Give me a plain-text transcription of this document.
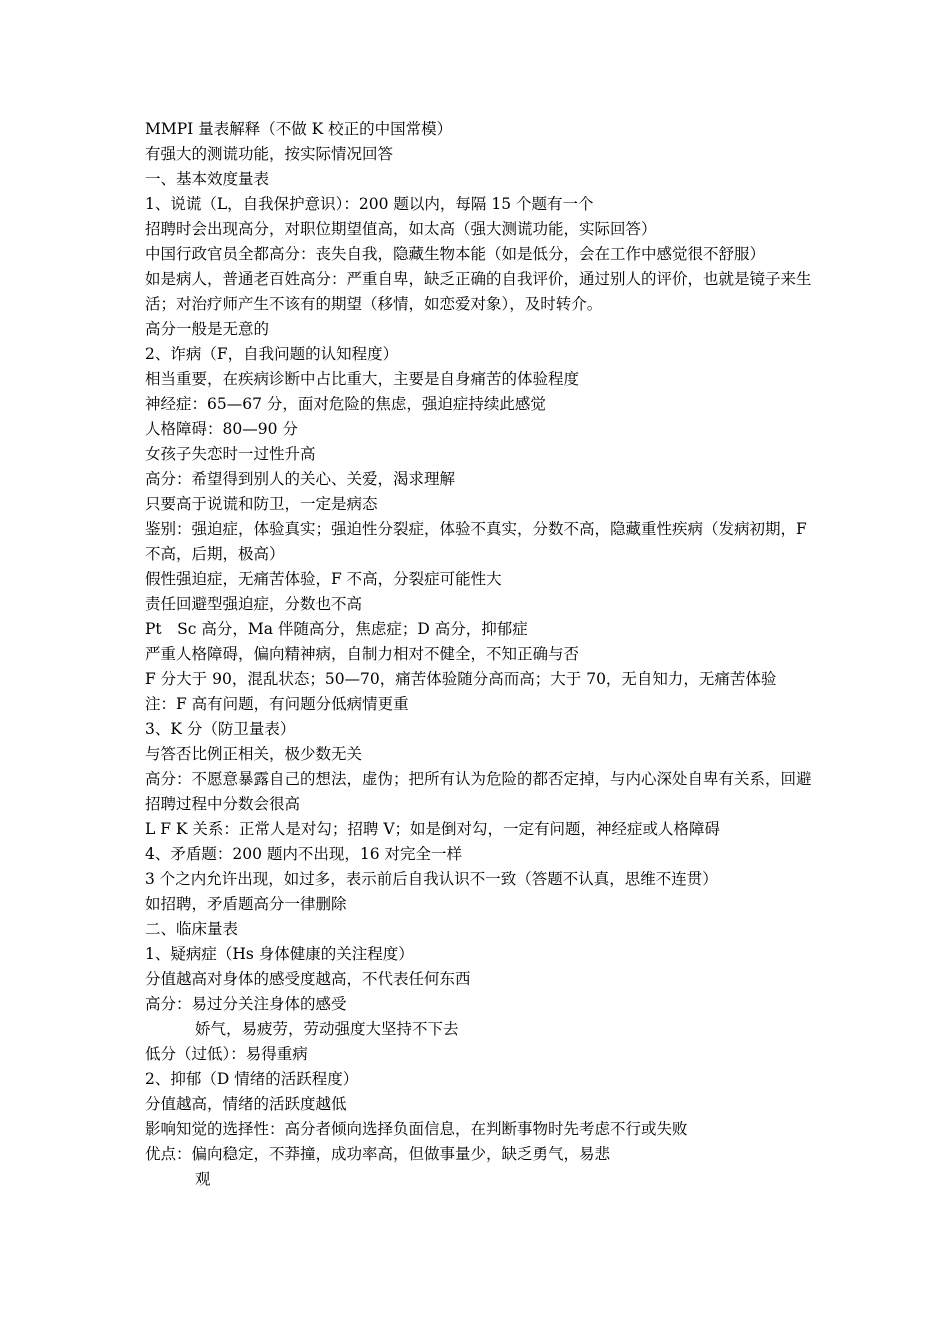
MMPI 量表解释（不做 K 校正的中国常模）

有强大的测谎功能，按实际情况回答

一、基本效度量表

1、说谎（L，自我保护意识）：200 题以内，每隔 15 个题有一个

招聘时会出现高分，对职位期望值高，如太高（强大测谎功能，实际回答）

中国行政官员全都高分：丧失自我，隐藏生物本能（如是低分，会在工作中感觉很不舒服）

如是病人，普通老百姓高分：严重自卑，缺乏正确的自我评价，通过别人的评价，也就是镜子来生活；对治疗师产生不该有的期望（移情，如恋爱对象），及时转介。

高分一般是无意的

2、诈病（F，自我问题的认知程度）

相当重要，在疾病诊断中占比重大，主要是自身痛苦的体验程度

神经症：65—67 分，面对危险的焦虑，强迫症持续此感觉

人格障碍：80—90 分

女孩子失恋时一过性升高

高分：希望得到别人的关心、关爱，渴求理解

只要高于说谎和防卫，一定是病态

鉴别：强迫症，体验真实；强迫性分裂症，体验不真实，分数不高，隐藏重性疾病（发病初期，F 不高，后期，极高）

假性强迫症，无痛苦体验，F 不高，分裂症可能性大

责任回避型强迫症，分数也不高

Pt　Sc 高分，Ma 伴随高分，焦虑症；D 高分，抑郁症

严重人格障碍，偏向精神病，自制力相对不健全，不知正确与否

F 分大于 90，混乱状态；50—70，痛苦体验随分高而高；大于 70，无自知力，无痛苦体验

注：F 高有问题，有问题分低病情更重

3、K 分（防卫量表）

与答否比例正相关，极少数无关

高分：不愿意暴露自己的想法，虚伪；把所有认为危险的都否定掉，与内心深处自卑有关系，回避

招聘过程中分数会很高

L F K 关系：正常人是对勾；招聘 V；如是倒对勾，一定有问题，神经症或人格障碍

4、矛盾题：200 题内不出现，16 对完全一样

3 个之内允许出现，如过多，表示前后自我认识不一致（答题不认真，思维不连贯）

如招聘，矛盾题高分一律删除

二、临床量表

1、疑病症（Hs 身体健康的关注程度）

分值越高对身体的感受度越高，不代表任何东西

高分：易过分关注身体的感受

娇气，易疲劳，劳动强度大坚持不下去

低分（过低）：易得重病

2、抑郁（D 情绪的活跃程度）

分值越高，情绪的活跃度越低

影响知觉的选择性：高分者倾向选择负面信息，在判断事物时先考虑不行或失败

优点：偏向稳定，不莽撞，成功率高，但做事量少，缺乏勇气，易悲

观
